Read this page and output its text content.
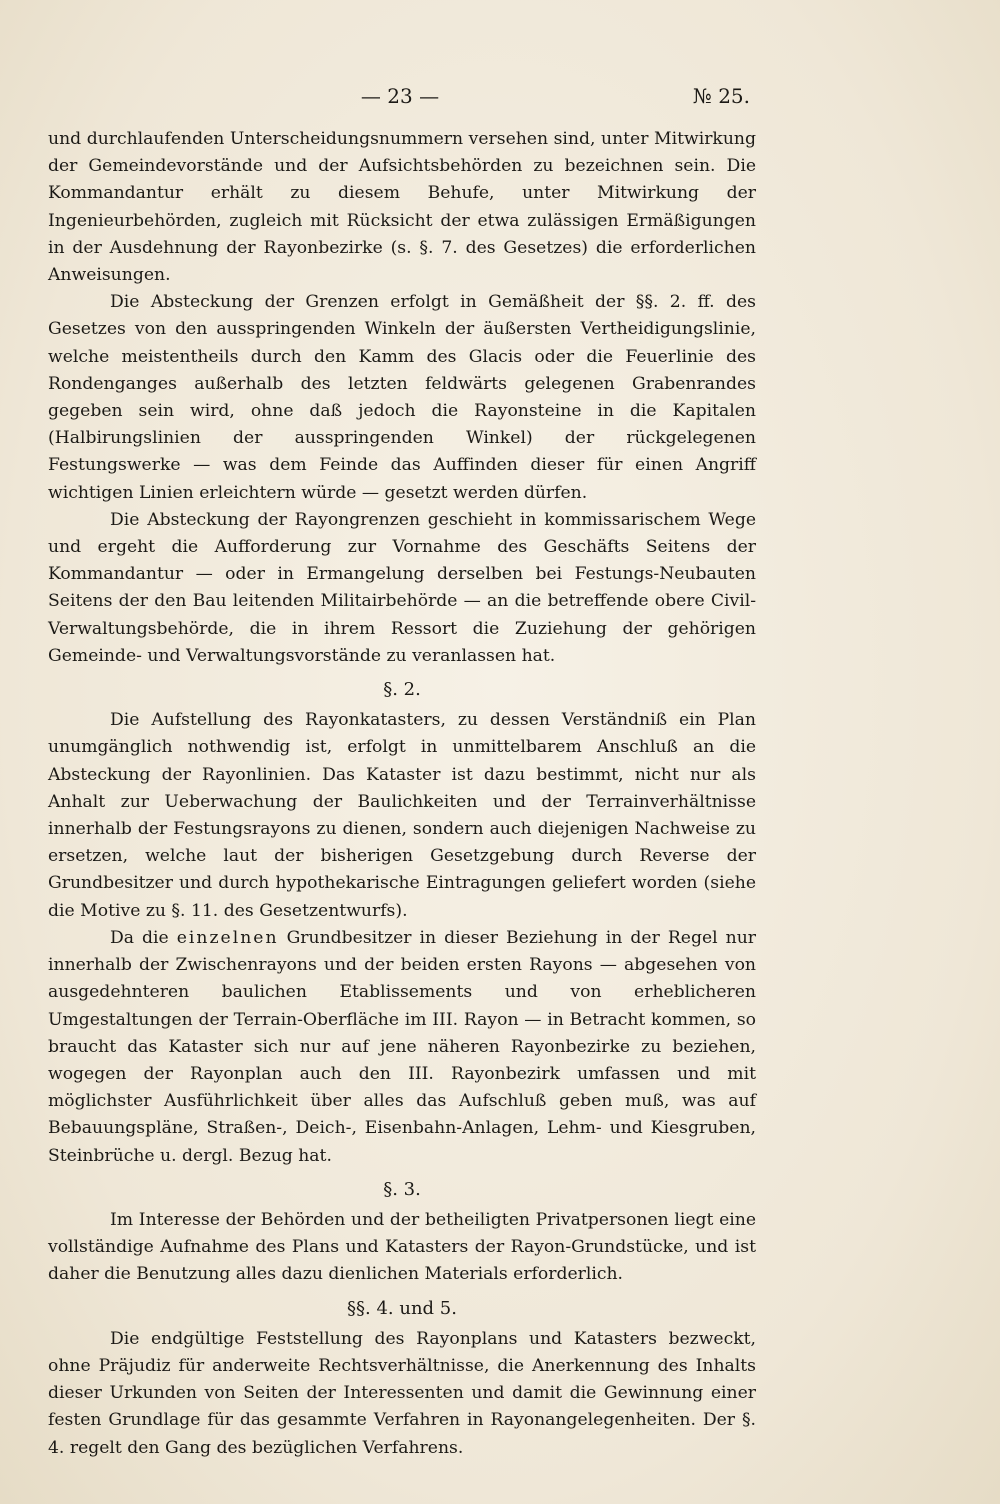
— 23 —	№ 25.

und durchlaufenden Unterscheidungsnummern versehen sind, unter Mitwirkung der Gemeindevorstände und der Aufsichtsbehörden zu bezeichnen sein. Die Kommandantur erhält zu diesem Behufe, unter Mitwirkung der Ingenieurbehörden, zugleich mit Rücksicht der etwa zulässigen Ermäßigungen in der Ausdehnung der Rayonbezirke (s. §. 7. des Gesetzes) die erforderlichen Anweisungen.

Die Absteckung der Grenzen erfolgt in Gemäßheit der §§. 2. ff. des Gesetzes von den ausspringenden Winkeln der äußersten Vertheidigungslinie, welche meistentheils durch den Kamm des Glacis oder die Feuerlinie des Rondenganges außerhalb des letzten feldwärts gelegenen Grabenrandes gegeben sein wird, ohne daß jedoch die Rayonsteine in die Kapitalen (Halbirungslinien der ausspringenden Winkel) der rückgelegenen Festungswerke — was dem Feinde das Auffinden dieser für einen Angriff wichtigen Linien erleichtern würde — gesetzt werden dürfen.

Die Absteckung der Rayongrenzen geschieht in kommissarischem Wege und ergeht die Aufforderung zur Vornahme des Geschäfts Seitens der Kommandantur — oder in Ermangelung derselben bei Festungs-Neubauten Seitens der den Bau leitenden Militairbehörde — an die betreffende obere Civil-Verwaltungsbehörde, die in ihrem Ressort die Zuziehung der gehörigen Gemeinde- und Verwaltungsvorstände zu veranlassen hat.

§. 2.

Die Aufstellung des Rayonkatasters, zu dessen Verständniß ein Plan unumgänglich nothwendig ist, erfolgt in unmittelbarem Anschluß an die Absteckung der Rayonlinien. Das Kataster ist dazu bestimmt, nicht nur als Anhalt zur Ueberwachung der Baulichkeiten und der Terrainverhältnisse innerhalb der Festungsrayons zu dienen, sondern auch diejenigen Nachweise zu ersetzen, welche laut der bisherigen Gesetzgebung durch Reverse der Grundbesitzer und durch hypothekarische Eintragungen geliefert worden (siehe die Motive zu §. 11. des Gesetzentwurfs).

Da die einzelnen Grundbesitzer in dieser Beziehung in der Regel nur innerhalb der Zwischenrayons und der beiden ersten Rayons — abgesehen von ausgedehnteren baulichen Etablissements und von erheblicheren Umgestaltungen der Terrain-Oberfläche im III. Rayon — in Betracht kommen, so braucht das Kataster sich nur auf jene näheren Rayonbezirke zu beziehen, wogegen der Rayonplan auch den III. Rayonbezirk umfassen und mit möglichster Ausführlichkeit über alles das Aufschluß geben muß, was auf Bebauungspläne, Straßen-, Deich-, Eisenbahn-Anlagen, Lehm- und Kiesgruben, Steinbrüche u. dergl. Bezug hat.

§. 3.

Im Interesse der Behörden und der betheiligten Privatpersonen liegt eine vollständige Aufnahme des Plans und Katasters der Rayon-Grundstücke, und ist daher die Benutzung alles dazu dienlichen Materials erforderlich.

§§. 4. und 5.

Die endgültige Feststellung des Rayonplans und Katasters bezweckt, ohne Präjudiz für anderweite Rechtsverhältnisse, die Anerkennung des Inhalts dieser Urkunden von Seiten der Interessenten und damit die Gewinnung einer festen Grundlage für das gesammte Verfahren in Rayonangelegenheiten. Der §. 4. regelt den Gang des bezüglichen Verfahrens.
